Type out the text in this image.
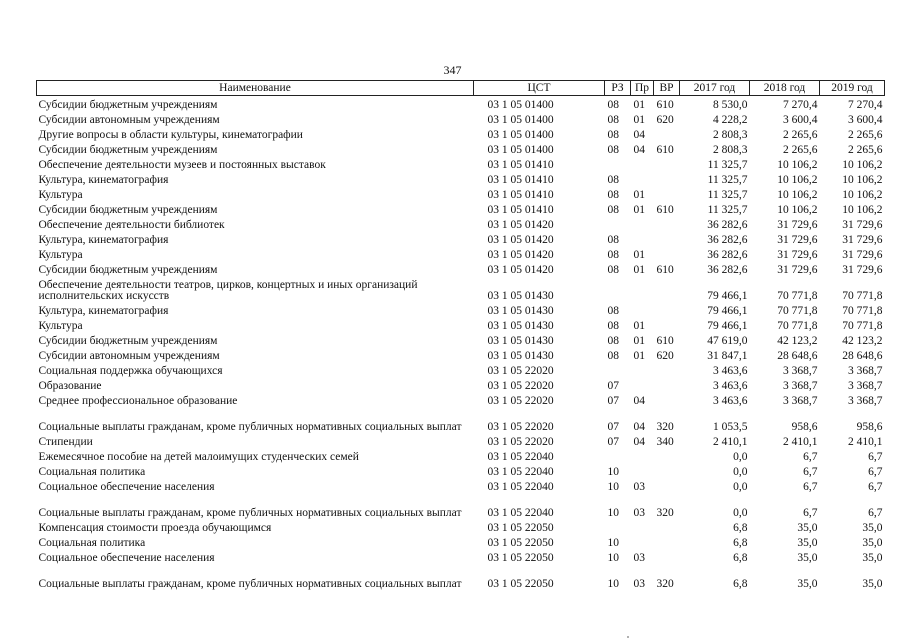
347
Наименование	ЦСТ	РЗ	Пр	ВР	2017 год	2018 год	2019 год
Субсидии бюджетным учреждениям	03 1 05 01400	08	01	610	8 530,0	7 270,4	7 270,4
Субсидии автономным учреждениям	03 1 05 01400	08	01	620	4 228,2	3 600,4	3 600,4
Другие вопросы в области культуры, кинематографии	03 1 05 01400	08	04		2 808,3	2 265,6	2 265,6
Субсидии бюджетным учреждениям	03 1 05 01400	08	04	610	2 808,3	2 265,6	2 265,6
Обеспечение деятельности музеев и постоянных выставок	03 1 05 01410				11 325,7	10 106,2	10 106,2
Культура, кинематография	03 1 05 01410	08			11 325,7	10 106,2	10 106,2
Культура	03 1 05 01410	08	01		11 325,7	10 106,2	10 106,2
Субсидии бюджетным учреждениям	03 1 05 01410	08	01	610	11 325,7	10 106,2	10 106,2
Обеспечение деятельности библиотек	03 1 05 01420				36 282,6	31 729,6	31 729,6
Культура, кинематография	03 1 05 01420	08			36 282,6	31 729,6	31 729,6
Культура	03 1 05 01420	08	01		36 282,6	31 729,6	31 729,6
Субсидии бюджетным учреждениям	03 1 05 01420	08	01	610	36 282,6	31 729,6	31 729,6
Обеспечение деятельности театров, цирков, концертных и иных организаций исполнительских искусств	03 1 05 01430				79 466,1	70 771,8	70 771,8
Культура, кинематография	03 1 05 01430	08			79 466,1	70 771,8	70 771,8
Культура	03 1 05 01430	08	01		79 466,1	70 771,8	70 771,8
Субсидии бюджетным учреждениям	03 1 05 01430	08	01	610	47 619,0	42 123,2	42 123,2
Субсидии автономным учреждениям	03 1 05 01430	08	01	620	31 847,1	28 648,6	28 648,6
Социальная поддержка обучающихся	03 1 05 22020				3 463,6	3 368,7	3 368,7
Образование	03 1 05 22020	07			3 463,6	3 368,7	3 368,7
Среднее профессиональное образование	03 1 05 22020	07	04		3 463,6	3 368,7	3 368,7
Социальные выплаты гражданам, кроме публичных нормативных социальных выплат	03 1 05 22020	07	04	320	1 053,5	958,6	958,6
Стипендии	03 1 05 22020	07	04	340	2 410,1	2 410,1	2 410,1
Ежемесячное пособие на детей малоимущих студенческих семей	03 1 05 22040				0,0	6,7	6,7
Социальная политика	03 1 05 22040	10			0,0	6,7	6,7
Социальное обеспечение населения	03 1 05 22040	10	03		0,0	6,7	6,7
Социальные выплаты гражданам, кроме публичных нормативных социальных выплат	03 1 05 22040	10	03	320	0,0	6,7	6,7
Компенсация стоимости проезда обучающимся	03 1 05 22050				6,8	35,0	35,0
Социальная политика	03 1 05 22050	10			6,8	35,0	35,0
Социальное обеспечение населения	03 1 05 22050	10	03		6,8	35,0	35,0
Социальные выплаты гражданам, кроме публичных нормативных социальных выплат	03 1 05 22050	10	03	320	6,8	35,0	35,0
